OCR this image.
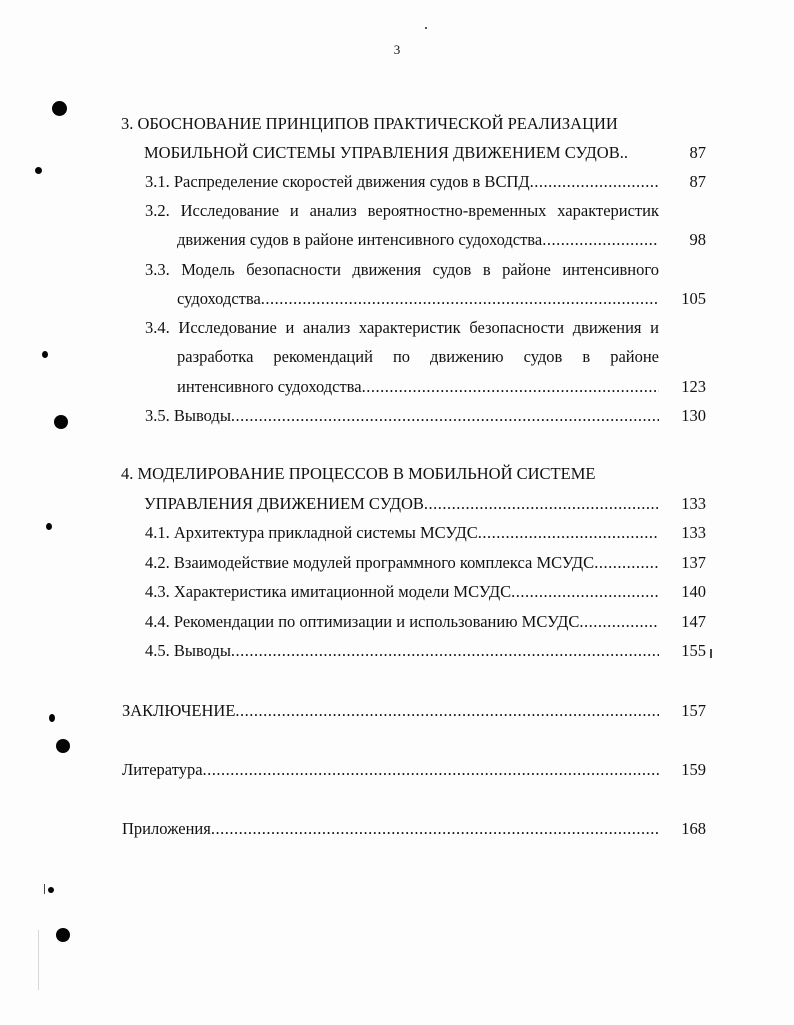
3
3. ОБОСНОВАНИЕ ПРИНЦИПОВ ПРАКТИЧЕСКОЙ РЕАЛИЗАЦИИ
МОБИЛЬНОЙ СИСТЕМЫ УПРАВЛЕНИЯ ДВИЖЕНИЕМ СУДОВ..	87
3.1. Распределение скоростей движения судов в ВСПД .....	87
3.2. Исследование и анализ вероятностно-временных характеристик
движения судов в районе интенсивного судоходства .....	98
3.3. Модель безопасности движения судов в районе интенсивного
судоходства .....	105
3.4. Исследование и анализ характеристик безопасности движения и
разработка рекомендаций по движению судов в районе
интенсивного судоходства .....	123
3.5. Выводы .....	130
4. МОДЕЛИРОВАНИЕ ПРОЦЕССОВ В МОБИЛЬНОЙ СИСТЕМЕ
УПРАВЛЕНИЯ ДВИЖЕНИЕМ СУДОВ .....	133
4.1. Архитектура прикладной системы МСУДС .....	133
4.2. Взаимодействие модулей программного комплекса МСУДС .....	137
4.3. Характеристика имитационной модели МСУДС .....	140
4.4. Рекомендации по оптимизации и использованию МСУДС .....	147
4.5. Выводы .....	155
ЗАКЛЮЧЕНИЕ .....	157
Литература .....	159
Приложения .....	168
